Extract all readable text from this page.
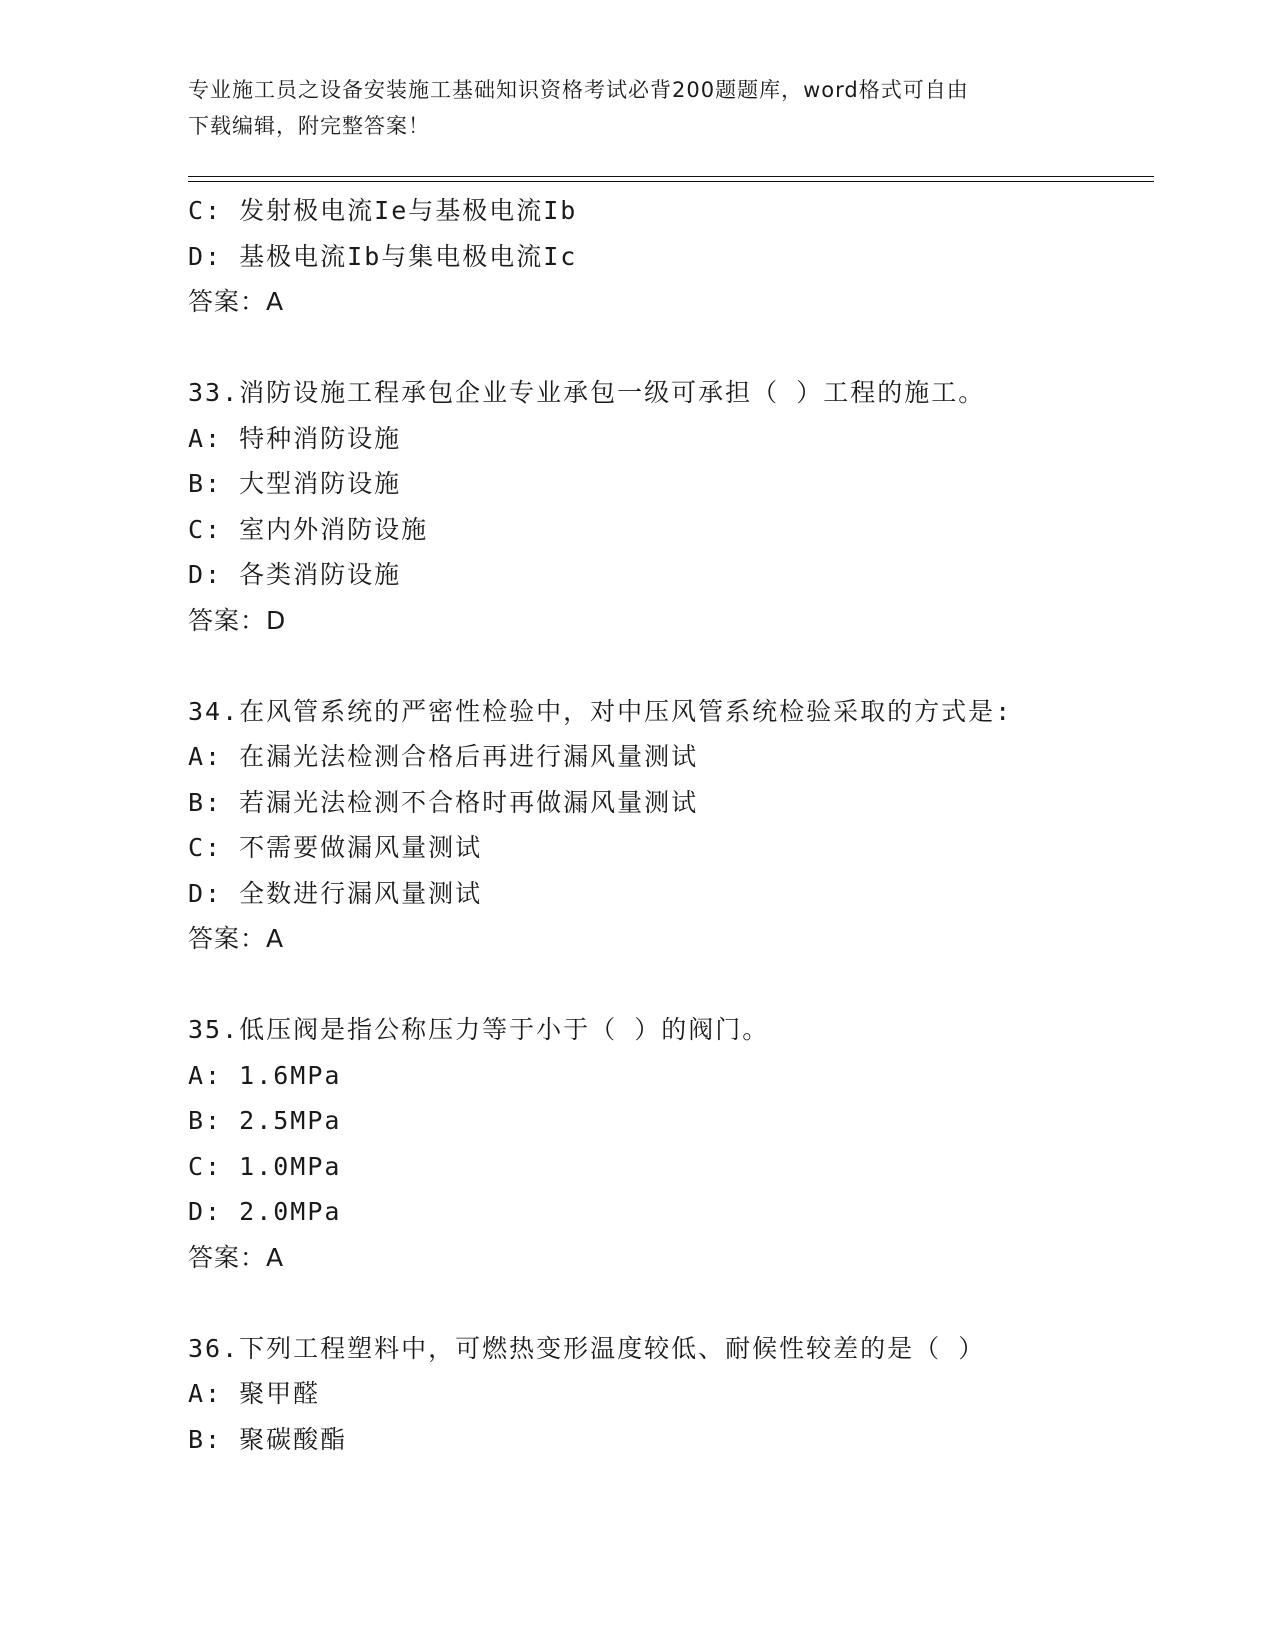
专业施工员之设备安装施工基础知识资格考试必背200题题库，word格式可自由
下载编辑，附完整答案！
C: 发射极电流Ie与基极电流Ib
D: 基极电流Ib与集电极电流Ic
答案：A
33.消防设施工程承包企业专业承包一级可承担（ ）工程的施工。
A: 特种消防设施
B: 大型消防设施
C: 室内外消防设施
D: 各类消防设施
答案：D
34.在风管系统的严密性检验中，对中压风管系统检验采取的方式是:
A: 在漏光法检测合格后再进行漏风量测试
B: 若漏光法检测不合格时再做漏风量测试
C: 不需要做漏风量测试
D: 全数进行漏风量测试
答案：A
35.低压阀是指公称压力等于小于（ ）的阀门。
A: 1.6MPa
B: 2.5MPa
C: 1.0MPa
D: 2.0MPa
答案：A
36.下列工程塑料中，可燃热变形温度较低、耐候性较差的是（ ）
A: 聚甲醛
B: 聚碳酸酯
